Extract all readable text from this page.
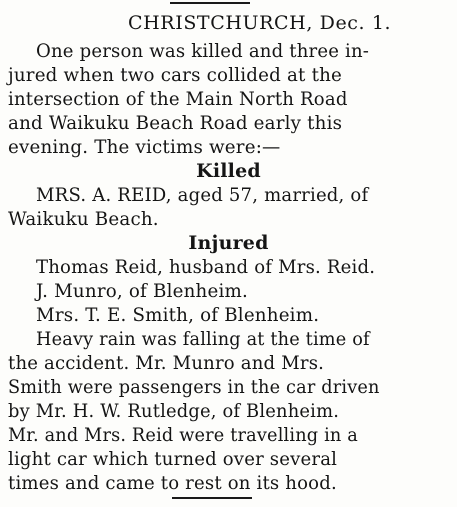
CHRISTCHURCH, Dec. 1.
One person was killed and three in-
jured when two cars collided at the
intersection of the Main North Road
and Waikuku Beach Road early this
evening. The victims were:—
Killed
MRS. A. REID, aged 57, married, of
Waikuku Beach.
Injured
Thomas Reid, husband of Mrs. Reid.
J. Munro, of Blenheim.
Mrs. T. E. Smith, of Blenheim.
Heavy rain was falling at the time of
the accident. Mr. Munro and Mrs.
Smith were passengers in the car driven
by Mr. H. W. Rutledge, of Blenheim.
Mr. and Mrs. Reid were travelling in a
light car which turned over several
times and came to rest on its hood.
